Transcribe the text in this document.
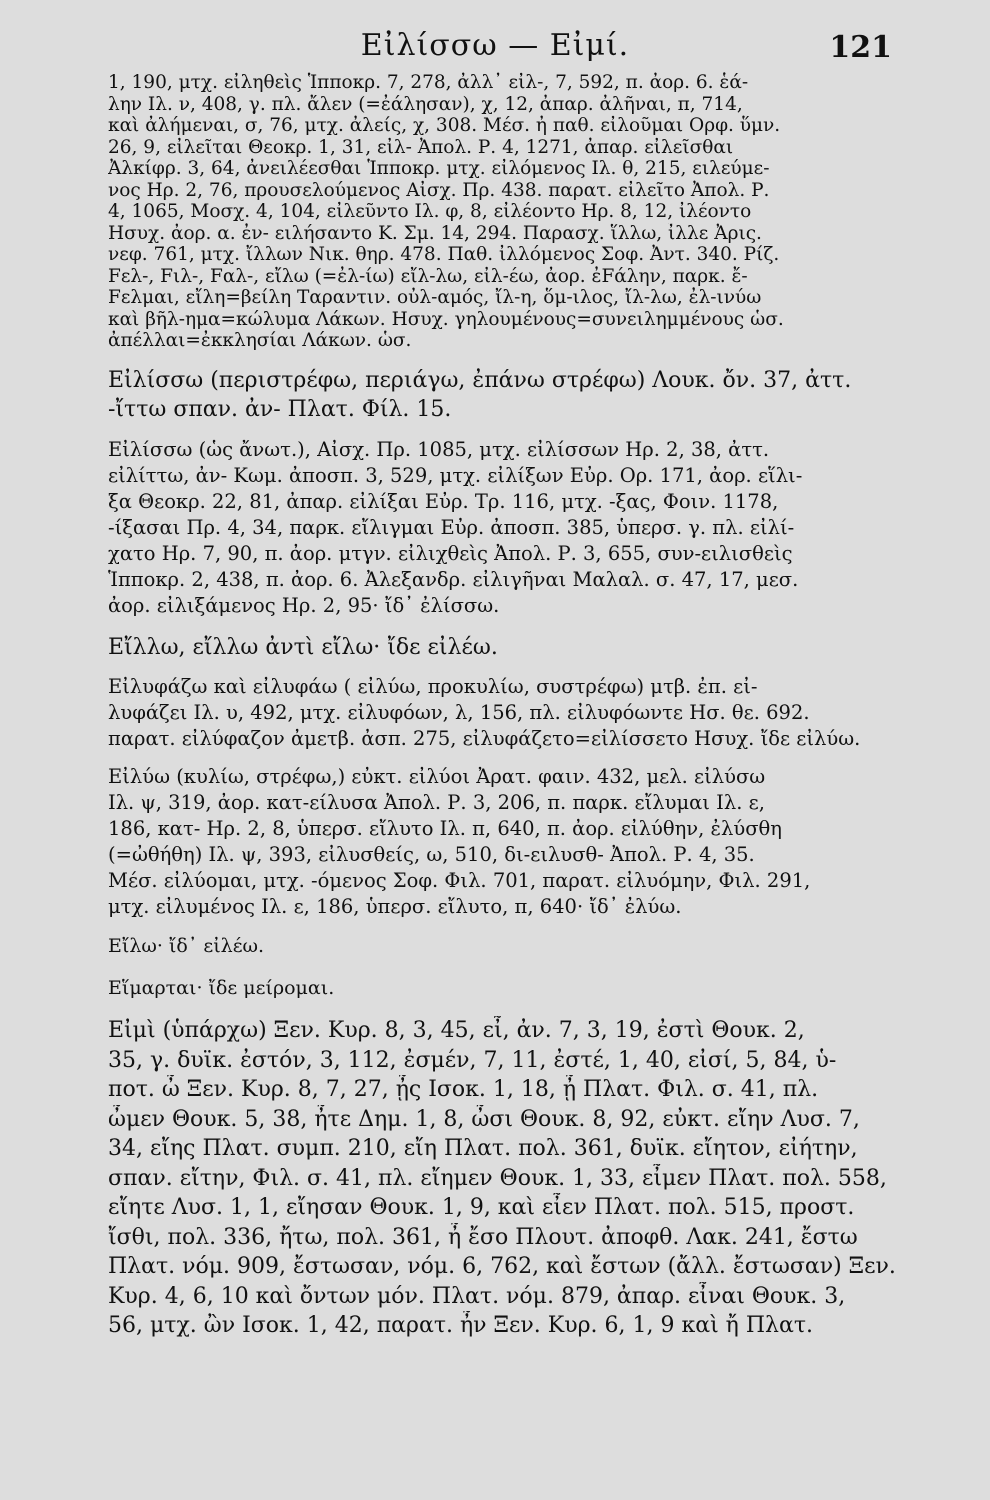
Εἰλίσσω — Εἰμί.	121
1, 190, μτχ. εἰληθεὶς Ἱπποκρ. 7, 278, ἀλλ᾽ εἰλ-, 7, 592, π. ἀορ. 6. ἑά-
λην Ιλ. ν, 408, γ. πλ. ἄλεν (=ἐάλησαν), χ, 12, ἀπαρ. ἀλῆναι, π, 714,
καὶ ἀλήμεναι, σ, 76, μτχ. ἀλείς, χ, 308. Μέσ. ἦ παθ. εἰλοῦμαι Ορφ. ὕμν.
26, 9, εἰλεῖται Θεοκρ. 1, 31, εἰλ- Ἀπολ. Ρ. 4, 1271, ἀπαρ. εἰλεῖσθαι
Ἀλκίφρ. 3, 64, ἀνειλέεσθαι Ἱπποκρ. μτχ. εἰλόμενος Ιλ. θ, 215, ειλεύμε-
νος Ηρ. 2, 76, προυσελούμενος Αἰσχ. Πρ. 438. παρατ. εἰλεῖτο Ἀπολ. Ρ.
4, 1065, Μοσχ. 4, 104, εἰλεῦντο Ιλ. φ, 8, εἰλέοντο Ηρ. 8, 12, ἰλέοντο
Ησυχ. ἀορ. α. ἐν- ειλήσαντο Κ. Σμ. 14, 294. Παρασχ. ἵλλω, ἶλλε Ἀρις.
νεφ. 761, μτχ. ἴλλων Νικ. θηρ. 478. Παθ. ἰλλόμενος Σοφ. Ἀντ. 340. Ρίζ.
Fελ-, Fιλ-, Fαλ-, εἴλω (=ἐλ-ίω) εἴλ-λω, εἰλ-έω, ἀορ. ἐFάλην, παρκ. ἔ-
Fελμαι, εἴλη=βείλη Ταραντιν. οὐλ-αμός, ἴλ-η, ὅμ-ιλος, ἴλ-λω, ἐλ-ινύω
καὶ βῆλ-ημα=κώλυμα Λάκων. Ησυχ. γηλουμένους=συνειλημμένους ὡσ.
ἀπέλλαι=ἐκκλησίαι Λάκων. ὡσ.
Εἰλίσσω (περιστρέφω, περιάγω, ἐπάνω στρέφω) Λουκ. ὄν. 37, ἀττ.
-ἴττω σπαν. ἀν- Πλατ. Φίλ. 15.
Εἰλίσσω (ὡς ἄνωτ.), Αἰσχ. Πρ. 1085, μτχ. εἰλίσσων Ηρ. 2, 38, ἀττ.
εἰλίττω, ἀν- Κωμ. ἀποσπ. 3, 529, μτχ. εἰλίξων Εὐρ. Ορ. 171, ἀορ. εἵλι-
ξα Θεοκρ. 22, 81, ἀπαρ. εἰλίξαι Εὐρ. Τρ. 116, μτχ. -ξας, Φοιν. 1178,
-ίξασαι Πρ. 4, 34, παρκ. εἴλιγμαι Εὐρ. ἀποσπ. 385, ὑπερσ. γ. πλ. εἰλί-
χατο Ηρ. 7, 90, π. ἀορ. μτγν. εἰλιχθεὶς Ἀπολ. Ρ. 3, 655, συν-ειλισθεὶς
Ἱπποκρ. 2, 438, π. ἀορ. 6. Ἀλεξανδρ. εἰλιγῆναι Μαλαλ. σ. 47, 17, μεσ.
ἀορ. εἰλιξάμενος Ηρ. 2, 95· ἴδ᾽ ἐλίσσω.
Εἴλλω, εἴλλω ἀντὶ εἴλω· ἴδε εἰλέω.
Εἰλυφάζω καὶ εἰλυφάω ( εἰλύω, προκυλίω, συστρέφω) μτβ. ἐπ. εἰ-
λυφάζει Ιλ. υ, 492, μτχ. εἰλυφόων, λ, 156, πλ. εἰλυφόωντε Ησ. θε. 692.
παρατ. εἰλύφαζον ἀμετβ. ἀσπ. 275, εἰλυφάζετο=εἰλίσσετο Ησυχ. ἴδε εἰλύω.
Εἰλύω (κυλίω, στρέφω,) εὐκτ. εἰλύοι Ἀρατ. φαιν. 432, μελ. εἰλύσω
Ιλ. ψ, 319, ἀορ. κατ-είλυσα Ἀπολ. Ρ. 3, 206, π. παρκ. εἴλυμαι Ιλ. ε,
186, κατ- Ηρ. 2, 8, ὑπερσ. εἴλυτο Ιλ. π, 640, π. ἀορ. εἰλύθην, ἐλύσθη
(=ὠθήθη) Ιλ. ψ, 393, εἰλυσθείς, ω, 510, δι-ειλυσθ- Ἀπολ. Ρ. 4, 35.
Μέσ. εἰλύομαι, μτχ. -όμενος Σοφ. Φιλ. 701, παρατ. εἰλυόμην, Φιλ. 291,
μτχ. εἰλυμένος Ιλ. ε, 186, ὑπερσ. εἴλυτο, π, 640· ἴδ᾽ ἐλύω.
Εἴλω· ἴδ᾽ εἰλέω.
Εἵμαρται· ἴδε μείρομαι.
Εἰμὶ (ὑπάρχω) Ξεν. Κυρ. 8, 3, 45, εἶ, ἀν. 7, 3, 19, ἐστὶ Θουκ. 2,
35, γ. δυϊκ. ἐστόν, 3, 112, ἐσμέν, 7, 11, ἐστέ, 1, 40, εἰσί, 5, 84, ὑ-
ποτ. ὦ Ξεν. Κυρ. 8, 7, 27, ᾖς Ισοκ. 1, 18, ᾖ Πλατ. Φιλ. σ. 41, πλ.
ὦμεν Θουκ. 5, 38, ἦτε Δημ. 1, 8, ὦσι Θουκ. 8, 92, εὐκτ. εἴην Λυσ. 7,
34, εἴης Πλατ. συμπ. 210, εἴη Πλατ. πολ. 361, δυϊκ. εἴητον, εἰήτην,
σπαν. εἴτην, Φιλ. σ. 41, πλ. εἴημεν Θουκ. 1, 33, εἶμεν Πλατ. πολ. 558,
εἴητε Λυσ. 1, 1, εἴησαν Θουκ. 1, 9, καὶ εἶεν Πλατ. πολ. 515, προστ.
ἴσθι, πολ. 336, ἤτω, πολ. 361, ἦ ἔσο Πλουτ. ἀποφθ. Λακ. 241, ἔστω
Πλατ. νόμ. 909, ἔστωσαν, νόμ. 6, 762, καὶ ἔστων (ἄλλ. ἔστωσαν) Ξεν.
Κυρ. 4, 6, 10 καὶ ὄντων μόν. Πλατ. νόμ. 879, ἀπαρ. εἶναι Θουκ. 3,
56, μτχ. ὢν Ισοκ. 1, 42, παρατ. ἦν Ξεν. Κυρ. 6, 1, 9 καὶ ἤ Πλατ.
